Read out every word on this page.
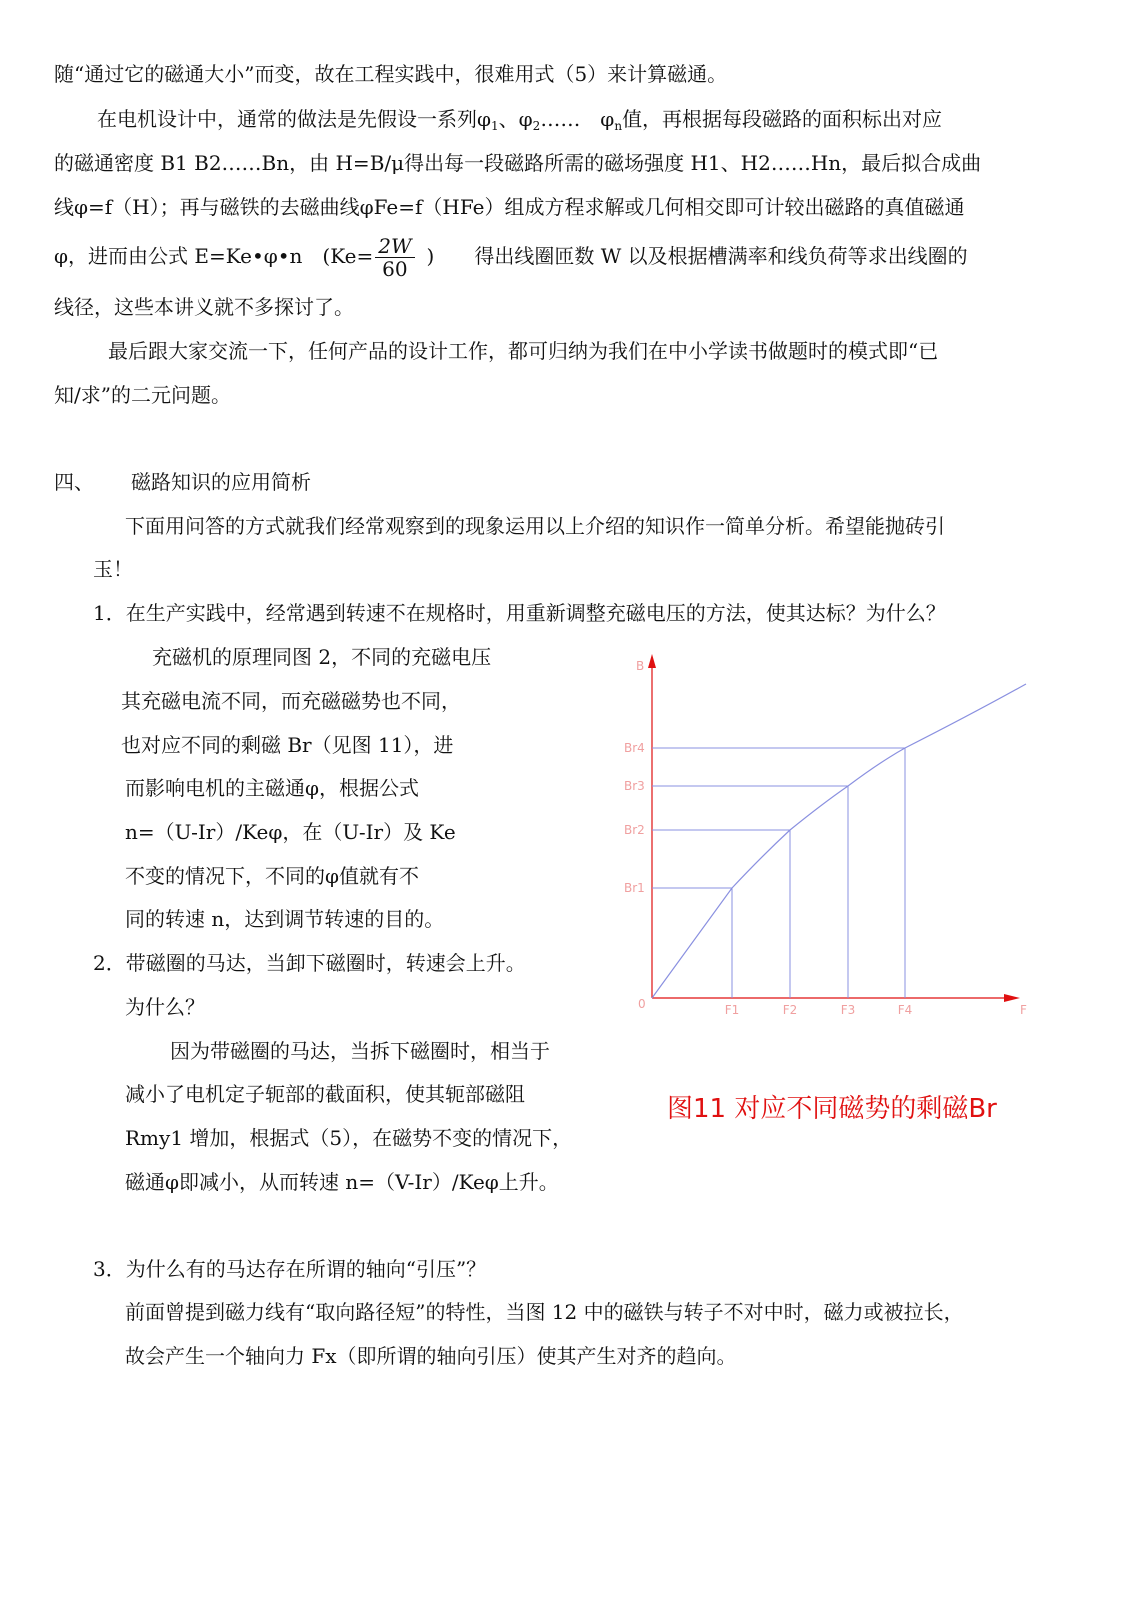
随“通过它的磁通大小”而变，故在工程实践中，很难用式（5）来计算磁通。
在电机设计中，通常的做法是先假设一系列$\varphi_1$、$\varphi_2\dots\dots$　$\varphi_n$值，再根据每段磁路的面积标出对应
的磁通密度 B1 B2……Bn，由 H=B/μ得出每一段磁路所需的磁场强度 H1、H2……Hn，最后拟合成曲
线φ=f（H）；再与磁铁的去磁曲线φFe=f（HFe）组成方程求解或几何相交即可计较出磁路的真值磁通
φ，进而由公式 E=Ke•φ•n　($Ke= \frac{2W}{60}$ ) 得出线圈匝数 W 以及根据槽满率和线负荷等求出线圈的
线径，这些本讲义就不多探讨了。
最后跟大家交流一下，任何产品的设计工作，都可归纳为我们在中小学读书做题时的模式即“已
知/求”的二元问题。
四、 磁路知识的应用简析
下面用问答的方式就我们经常观察到的现象运用以上介绍的知识作一简单分析。希望能抛砖引
玉！
1．在生产实践中，经常遇到转速不在规格时，用重新调整充磁电压的方法，使其达标？为什么？
充磁机的原理同图 2，不同的充磁电压
其充磁电流不同，而充磁磁势也不同，
也对应不同的剩磁 Br（见图 11），进
而影响电机的主磁通φ，根据公式
n=（U-Ir）/Keφ，在（U-Ir）及 Ke
不变的情况下，不同的φ值就有不
同的转速 n，达到调节转速的目的。
2．带磁圈的马达，当卸下磁圈时，转速会上升。
为什么？
因为带磁圈的马达，当拆下磁圈时，相当于
减小了电机定子轭部的截面积，使其轭部磁阻
Rmy1 增加，根据式（5），在磁势不变的情况下，
磁通φ即减小，从而转速 n=（V-Ir）/Keφ上升。
3．为什么有的马达存在所谓的轴向“引压”？
前面曾提到磁力线有“取向路径短”的特性，当图 12 中的磁铁与转子不对中时，磁力或被拉长，
故会产生一个轴向力 Fx（即所谓的轴向引压）使其产生对齐的趋向。
B
F
0	F1
Br1
F2
Br2
F3
Br3
F4
Br4
图11 对应不同磁势的剩磁Br
